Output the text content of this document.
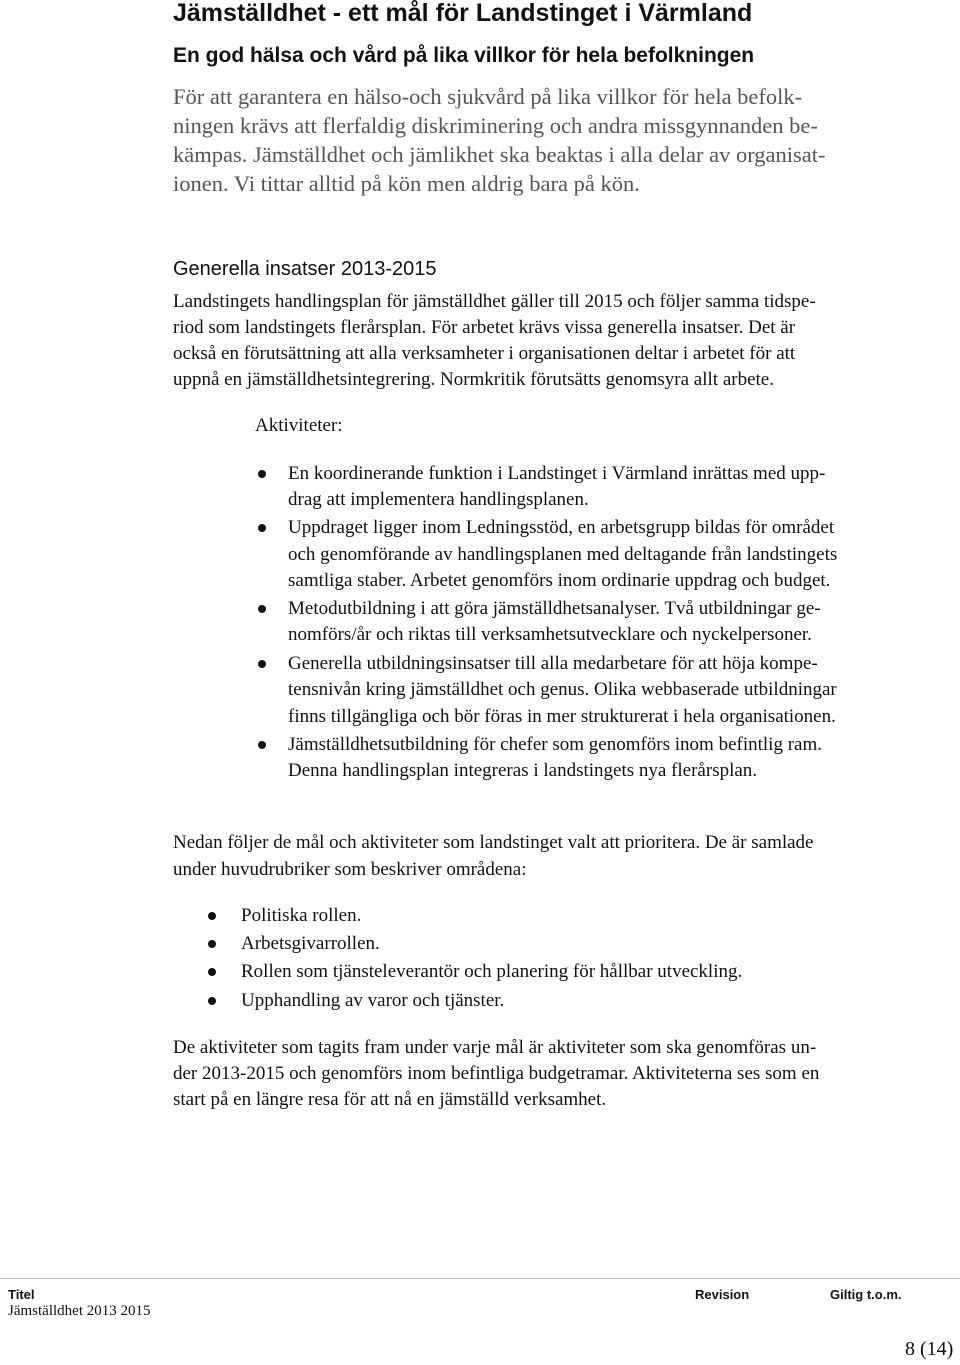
Jämställdhet - ett mål för Landstinget i Värmland
En god hälsa och vård på lika villkor för hela befolkningen
För att garantera en hälso-och sjukvård på lika villkor för hela befolk-
ningen krävs att flerfaldig diskriminering och andra missgynnanden be-
kämpas. Jämställdhet och jämlikhet ska beaktas i alla delar av organisat-
ionen. Vi tittar alltid på kön men aldrig bara på kön.
Generella insatser 2013-2015
Landstingets handlingsplan för jämställdhet gäller till 2015 och följer samma tidspe-
riod som landstingets flerårsplan. För arbetet krävs vissa generella insatser. Det är
också en förutsättning att alla verksamheter i organisationen deltar i arbetet för att
uppnå en jämställdhetsintegrering. Normkritik förutsätts genomsyra allt arbete.
Aktiviteter:
En koordinerande funktion i Landstinget i Värmland inrättas med upp-
drag att implementera handlingsplanen.
Uppdraget ligger inom Ledningsstöd, en arbetsgrupp bildas för området
och genomförande av handlingsplanen med deltagande från landstingets
samtliga staber. Arbetet genomförs inom ordinarie uppdrag och budget.
Metodutbildning i att göra jämställdhetsanalyser. Två utbildningar ge-
nomförs/år och riktas till verksamhetsutvecklare och nyckelpersoner.
Generella utbildningsinsatser till alla medarbetare för att höja kompe-
tensnivån kring jämställdhet och genus. Olika webbaserade utbildningar
finns tillgängliga och bör föras in mer strukturerat i hela organisationen.
Jämställdhetsutbildning för chefer som genomförs inom befintlig ram.
Denna handlingsplan integreras i landstingets nya flerårsplan.
Nedan följer de mål och aktiviteter som landstinget valt att prioritera. De är samlade
under huvudrubriker som beskriver områdena:
Politiska rollen.
Arbetsgivarrollen.
Rollen som tjänsteleverantör och planering för hållbar utveckling.
Upphandling av varor och tjänster.
De aktiviteter som tagits fram under varje mål är aktiviteter som ska genomföras un-
der 2013-2015 och genomförs inom befintliga budgetramar. Aktiviteterna ses som en
start på en längre resa för att nå en jämställd verksamhet.
Titel
Jämställdhet 2013 2015
Revision	Giltig t.o.m.
8 (14)
